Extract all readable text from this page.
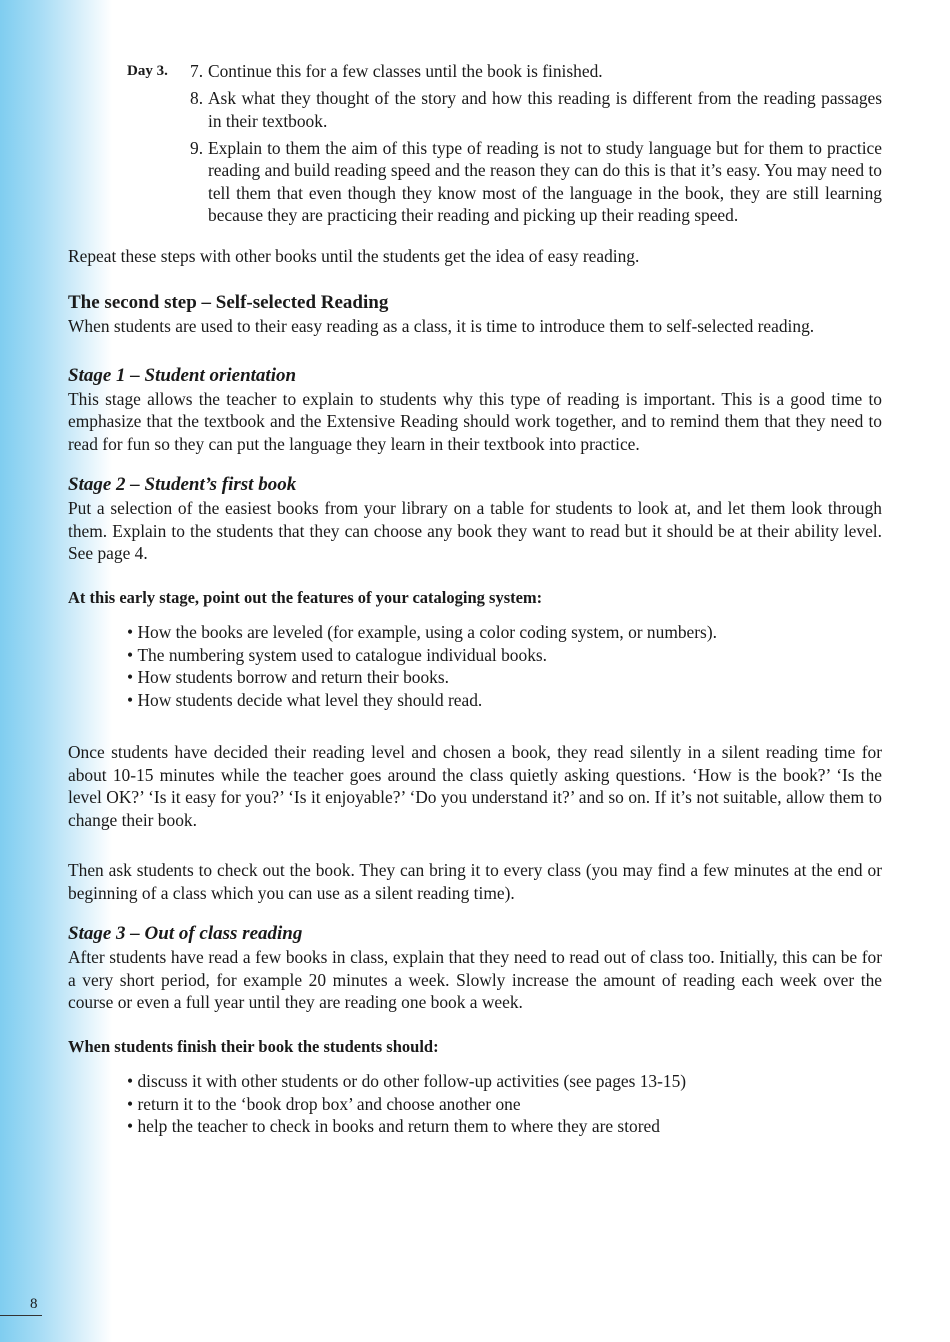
Day 3. 7. Continue this for a few classes until the book is finished.
8. Ask what they thought of the story and how this reading is different from the reading passages in their textbook.
9. Explain to them the aim of this type of reading is not to study language but for them to practice reading and build reading speed and the reason they can do this is that it’s easy. You may need to tell them that even though they know most of the language in the book, they are still learning because they are practicing their reading and picking up their reading speed.

Repeat these steps with other books until the students get the idea of easy reading.

The second step – Self-selected Reading

When students are used to their easy reading as a class, it is time to introduce them to self-selected reading.

Stage 1 – Student orientation

This stage allows the teacher to explain to students why this type of reading is important. This is a good time to emphasize that the textbook and the Extensive Reading should work together, and to remind them that they need to read for fun so they can put the language they learn in their textbook into practice.

Stage 2 – Student’s first book

Put a selection of the easiest books from your library on a table for students to look at, and let them look through them. Explain to the students that they can choose any book they want to read but it should be at their ability level. See page 4.

At this early stage, point out the features of your cataloging system:

• How the books are leveled (for example, using a color coding system, or numbers).
• The numbering system used to catalogue individual books.
• How students borrow and return their books.
• How students decide what level they should read.

Once students have decided their reading level and chosen a book, they read silently in a silent reading time for about 10-15 minutes while the teacher goes around the class quietly asking questions. ‘How is the book?’ ‘Is the level OK?’ ‘Is it easy for you?’ ‘Is it enjoyable?’ ‘Do you understand it?’ and so on. If it’s not suitable, allow them to change their book.

Then ask students to check out the book. They can bring it to every class (you may find a few minutes at the end or beginning of a class which you can use as a silent reading time).

Stage 3 – Out of class reading

After students have read a few books in class, explain that they need to read out of class too. Initially, this can be for a very short period, for example 20 minutes a week. Slowly increase the amount of reading each week over the course or even a full year until they are reading one book a week.

When students finish their book the students should:

• discuss it with other students or do other follow-up activities (see pages 13-15)
• return it to the ‘book drop box’ and choose another one
• help the teacher to check in books and return them to where they are stored
8
